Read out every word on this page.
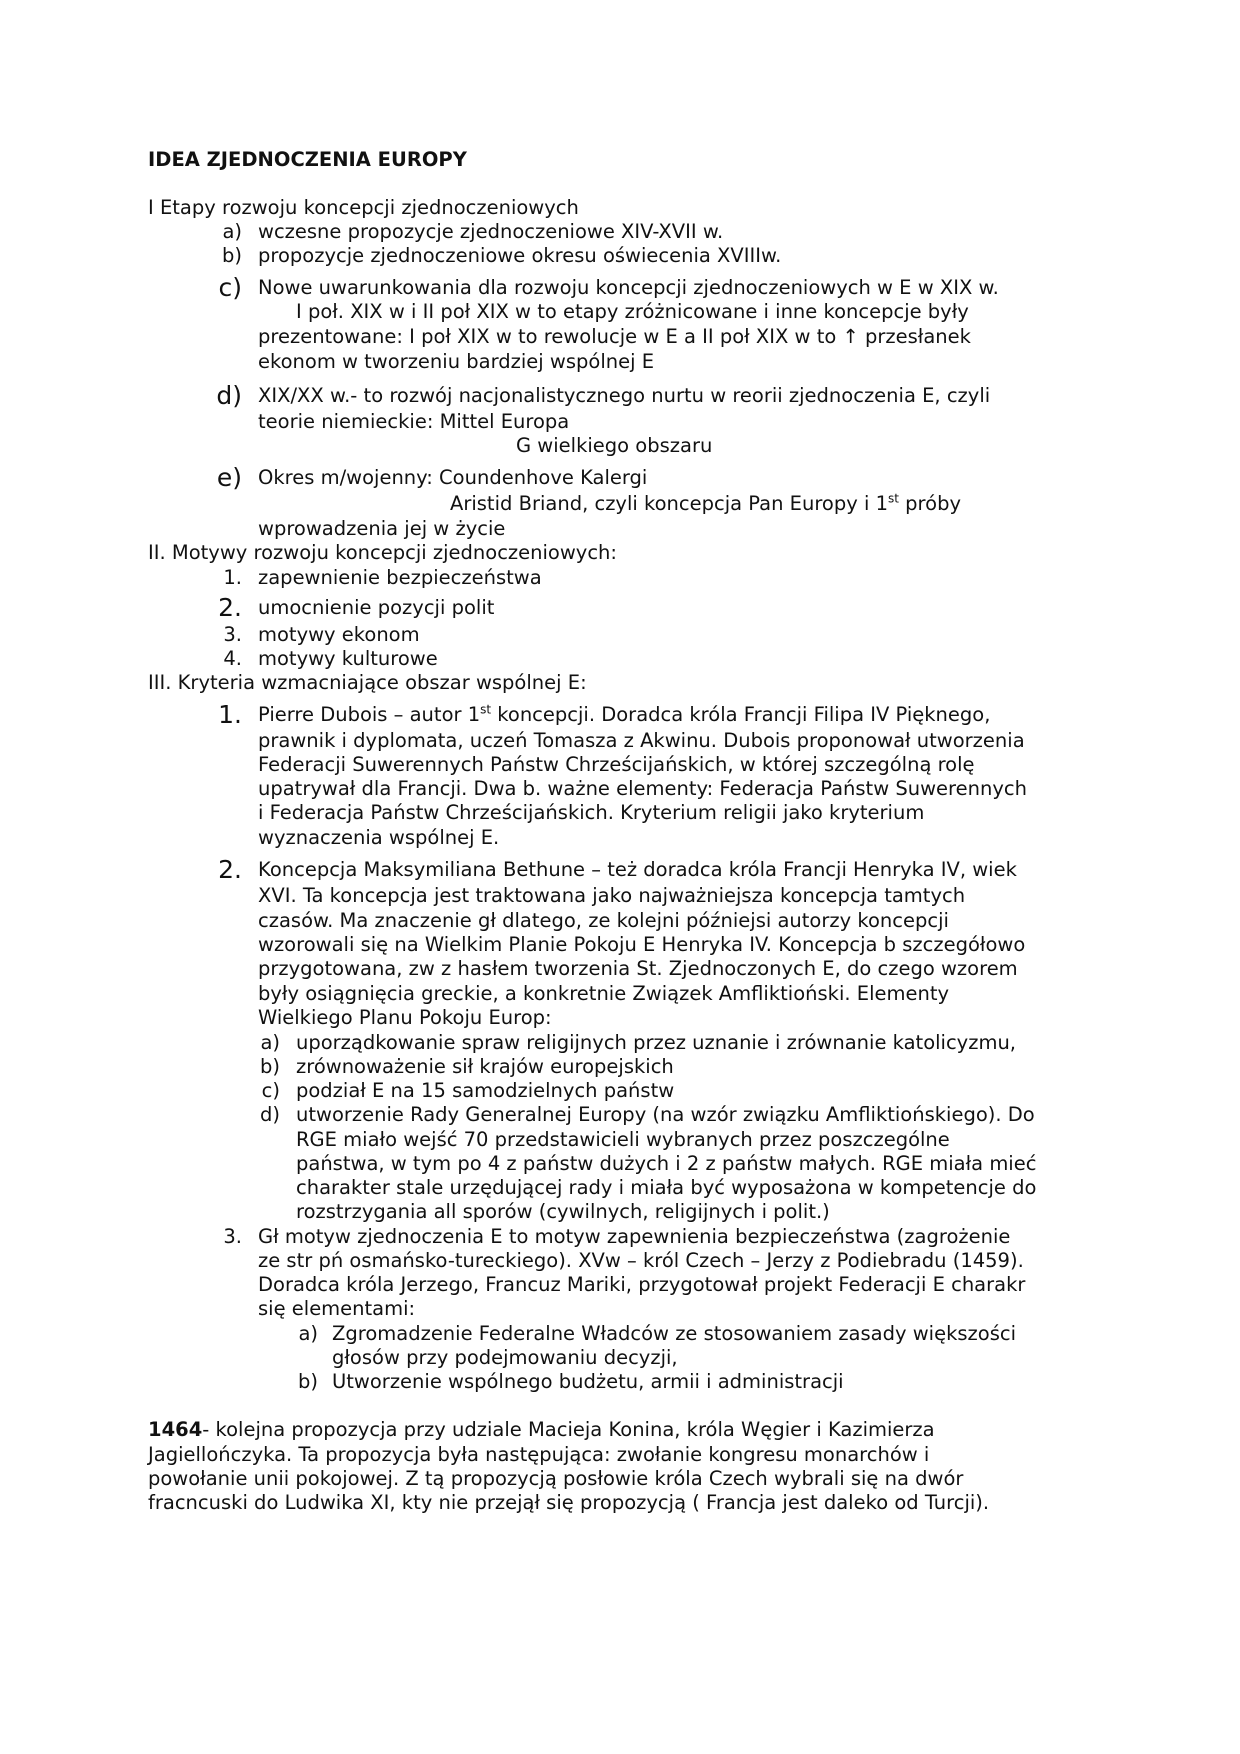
IDEA ZJEDNOCZENIA EUROPY
I Etapy rozwoju koncepcji zjednoczeniowych
a) wczesne propozycje zjednoczeniowe XIV-XVII w.
b) propozycje zjednoczeniowe okresu oświecenia XVIIIw.
c) Nowe uwarunkowania dla rozwoju koncepcji zjednoczeniowych w E w XIX w.
I poł. XIX w i II poł XIX w to etapy zróżnicowane i inne koncepcje były
prezentowane: I poł XIX w to rewolucje w E a II poł XIX w to ↑ przesłanek
ekonom w tworzeniu bardziej wspólnej E
d) XIX/XX w.- to rozwój nacjonalistycznego nurtu w reorii zjednoczenia E, czyli
teorie niemieckie: Mittel Europa
G wielkiego obszaru
e) Okres m/wojenny: Coundenhove Kalergi
Aristid Briand, czyli koncepcja Pan Europy i 1st próby
wprowadzenia jej w życie
II. Motywy rozwoju koncepcji zjednoczeniowych:
1. zapewnienie bezpieczeństwa
2. umocnienie pozycji polit
3. motywy ekonom
4. motywy kulturowe
III. Kryteria wzmacniające obszar wspólnej E:
1. Pierre Dubois – autor 1st koncepcji. Doradca króla Francji Filipa IV Pięknego,
prawnik i dyplomata, uczeń Tomasza z Akwinu. Dubois proponował utworzenia
Federacji Suwerennych Państw Chrześcijańskich, w której szczególną rolę
upatrywał dla Francji. Dwa b. ważne elementy: Federacja Państw Suwerennych
i Federacja Państw Chrześcijańskich. Kryterium religii jako kryterium
wyznaczenia wspólnej E.
2. Koncepcja Maksymiliana Bethune – też doradca króla Francji Henryka IV, wiek
XVI. Ta koncepcja jest traktowana jako najważniejsza koncepcja tamtych
czasów. Ma znaczenie gł dlatego, ze kolejni późniejsi autorzy koncepcji
wzorowali się na Wielkim Planie Pokoju E Henryka IV. Koncepcja b szczegółowo
przygotowana, zw z hasłem tworzenia St. Zjednoczonych E, do czego wzorem
były osiągnięcia greckie, a konkretnie Związek Amfliktioński. Elementy
Wielkiego Planu Pokoju Europ:
a) uporządkowanie spraw religijnych przez uznanie i zrównanie katolicyzmu,
b) zrównoważenie sił krajów europejskich
c) podział E na 15 samodzielnych państw
d) utworzenie Rady Generalnej Europy (na wzór związku Amfliktiońskiego). Do
RGE miało wejść 70 przedstawicieli wybranych przez poszczególne
państwa, w tym po 4 z państw dużych i 2 z państw małych. RGE miała mieć
charakter stale urzędującej rady i miała być wyposażona w kompetencje do
rozstrzygania all sporów (cywilnych, religijnych i polit.)
3. Gł motyw zjednoczenia E to motyw zapewnienia bezpieczeństwa (zagrożenie
ze str pń osmańsko-tureckiego). XVw – król Czech – Jerzy z Podiebradu (1459).
Doradca króla Jerzego, Francuz Mariki, przygotował projekt Federacji E charakr
się elementami:
a) Zgromadzenie Federalne Władców ze stosowaniem zasady większości
głosów przy podejmowaniu decyzji,
b) Utworzenie wspólnego budżetu, armii i administracji
1464- kolejna propozycja przy udziale Macieja Konina, króla Węgier i Kazimierza
Jagiellończyka. Ta propozycja była następująca: zwołanie kongresu monarchów i
powołanie unii pokojowej. Z tą propozycją posłowie króla Czech wybrali się na dwór
fracncuski do Ludwika XI, kty nie przejął się propozycją ( Francja jest daleko od Turcji).
